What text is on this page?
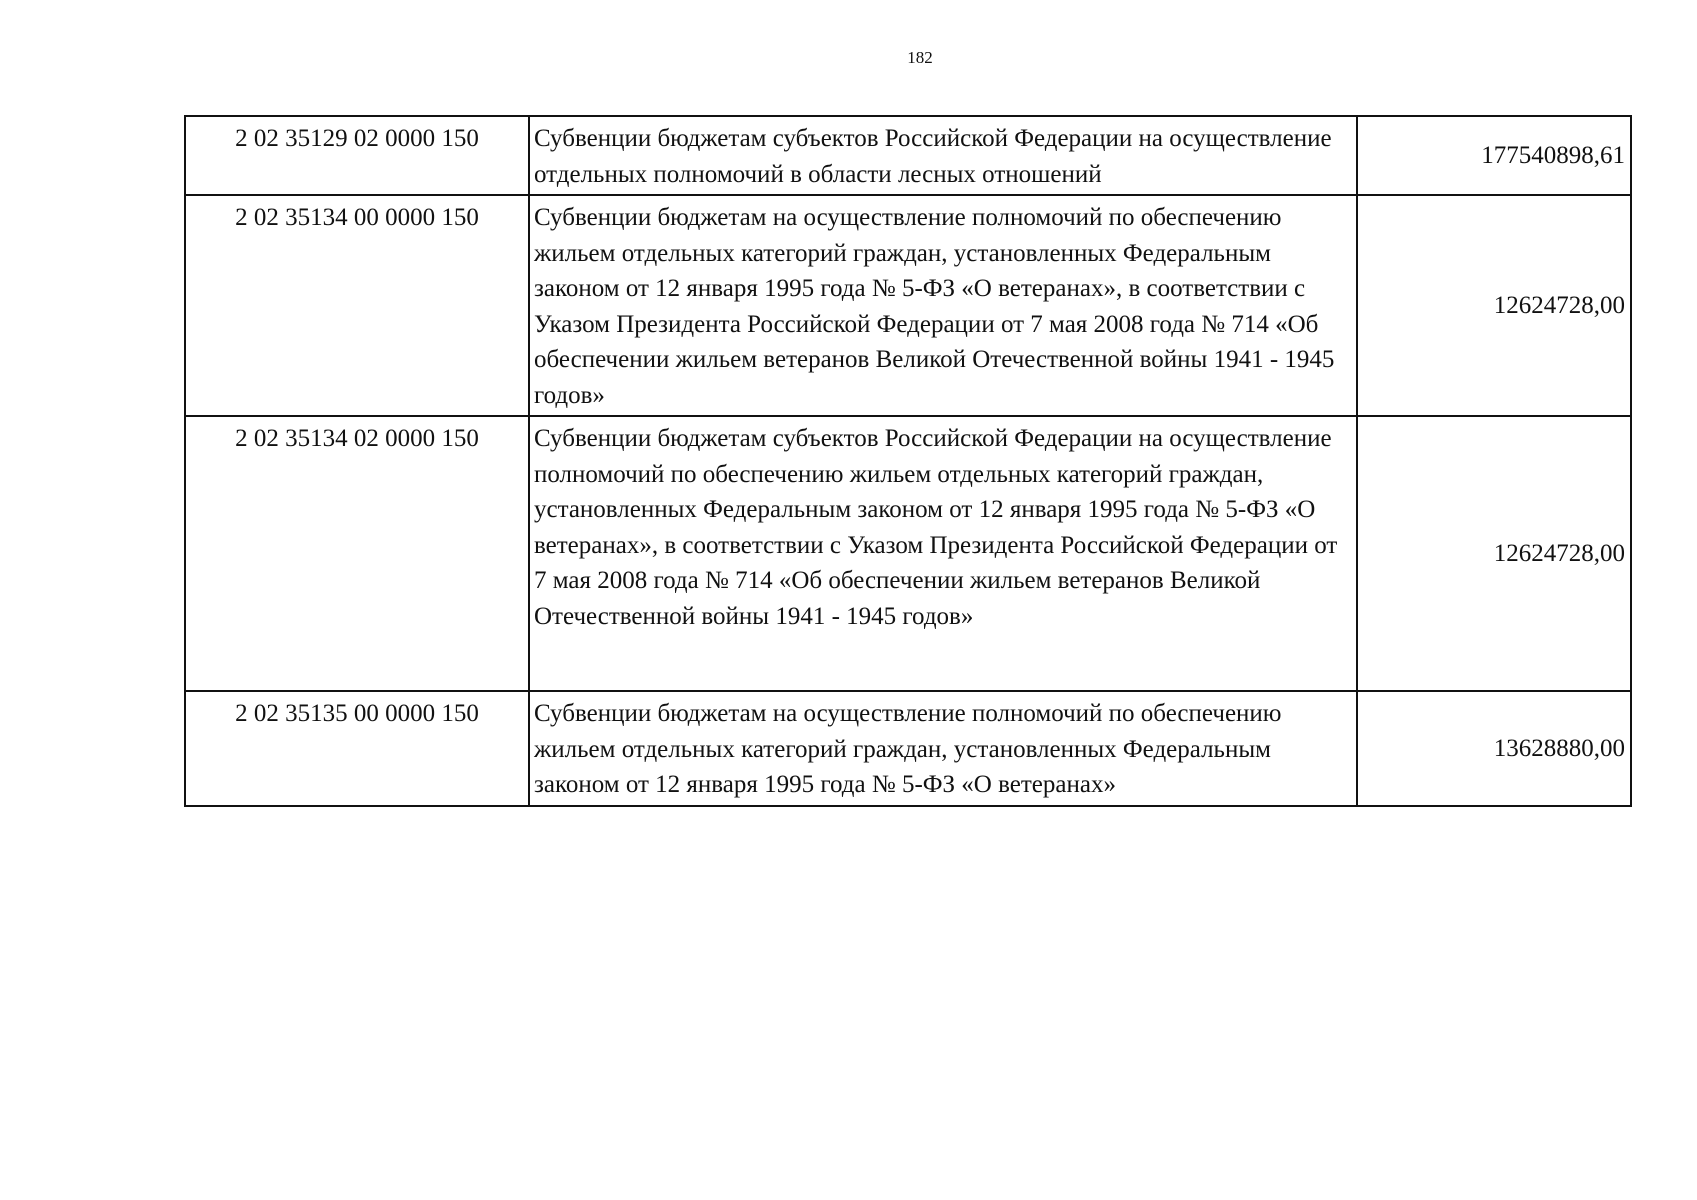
182
2 02 35129 02 0000 150	Субвенции бюджетам субъектов Российской Федерации на осуществление отдельных полномочий в области лесных отношений	177540898,61
2 02 35134 00 0000 150	Субвенции бюджетам на осуществление полномочий по обеспечению жильем отдельных категорий граждан, установленных Федеральным законом от 12 января 1995 года № 5-ФЗ «О ветеранах», в соответствии с Указом Президента Российской Федерации от 7 мая 2008 года № 714 «Об обеспечении жильем ветеранов Великой Отечественной войны 1941 - 1945 годов»	12624728,00
2 02 35134 02 0000 150	Субвенции бюджетам субъектов Российской Федерации на осуществление полномочий по обеспечению жильем отдельных категорий граждан, установленных Федеральным законом от 12 января 1995 года № 5-ФЗ «О ветеранах», в соответствии с Указом Президента Российской Федерации от 7 мая 2008 года № 714 «Об обеспечении жильем ветеранов Великой Отечественной войны 1941 - 1945 годов»	12624728,00
2 02 35135 00 0000 150	Субвенции бюджетам на осуществление полномочий по обеспечению жильем отдельных категорий граждан, установленных Федеральным законом от 12 января 1995 года № 5-ФЗ «О ветеранах»	13628880,00
